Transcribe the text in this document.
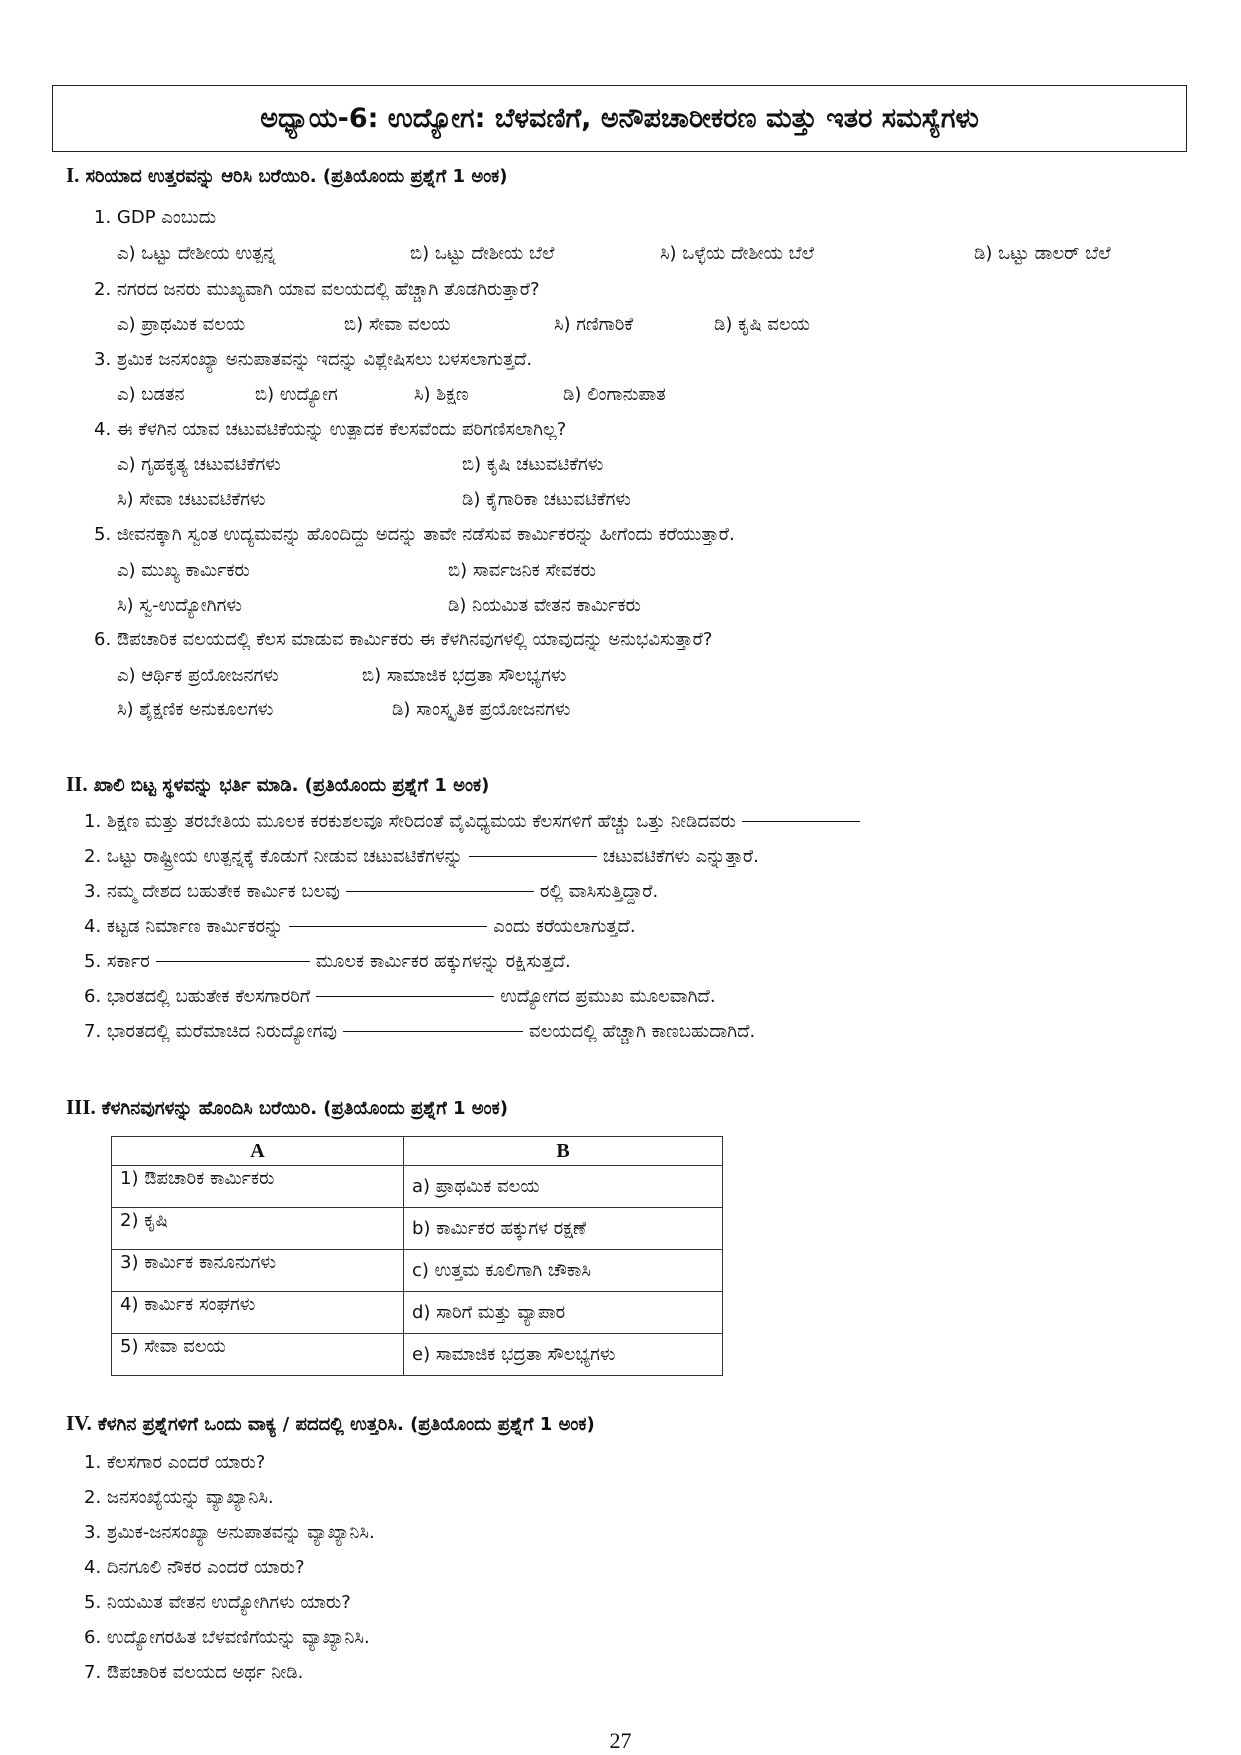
ಅಧ್ಯಾಯ-6: ಉದ್ಯೋಗ: ಬೆಳವಣಿಗೆ, ಅನೌಪಚಾರೀಕರಣ ಮತ್ತು ಇತರ ಸಮಸ್ಯೆಗಳು
I. ಸರಿಯಾದ ಉತ್ತರವನ್ನು ಆರಿಸಿ ಬರೆಯಿರಿ. (ಪ್ರತಿಯೊಂದು ಪ್ರಶ್ನೆಗೆ 1 ಅಂಕ)
1. GDP ಎಂಬುದು
ಎ) ಒಟ್ಟು ದೇಶೀಯ ಉತ್ಪನ್ನ	ಬಿ) ಒಟ್ಟು ದೇಶೀಯ ಬೆಲೆ	ಸಿ) ಒಳ್ಳೆಯ ದೇಶೀಯ ಬೆಲೆ	ಡಿ) ಒಟ್ಟು ಡಾಲರ್ ಬೆಲೆ
2. ನಗರದ ಜನರು ಮುಖ್ಯವಾಗಿ ಯಾವ ವಲಯದಲ್ಲಿ ಹೆಚ್ಚಾಗಿ ತೊಡಗಿರುತ್ತಾರೆ?
ಎ) ಪ್ರಾಥಮಿಕ ವಲಯ	ಬಿ) ಸೇವಾ ವಲಯ	ಸಿ) ಗಣಿಗಾರಿಕೆ	ಡಿ) ಕೃಷಿ ವಲಯ
3. ಶ್ರಮಿಕ ಜನಸಂಖ್ಯಾ ಅನುಪಾತವನ್ನು ಇದನ್ನು ವಿಶ್ಲೇಷಿಸಲು ಬಳಸಲಾಗುತ್ತದೆ.
ಎ) ಬಡತನ	ಬಿ) ಉದ್ಯೋಗ	ಸಿ) ಶಿಕ್ಷಣ	ಡಿ) ಲಿಂಗಾನುಪಾತ
4. ಈ ಕೆಳಗಿನ ಯಾವ ಚಟುವಟಿಕೆಯನ್ನು ಉತ್ಪಾದಕ ಕೆಲಸವೆಂದು ಪರಿಗಣಿಸಲಾಗಿಲ್ಲ?
ಎ) ಗೃಹಕೃತ್ಯ ಚಟುವಟಿಕೆಗಳು	ಬಿ) ಕೃಷಿ ಚಟುವಟಿಕೆಗಳು
ಸಿ) ಸೇವಾ ಚಟುವಟಿಕೆಗಳು	ಡಿ) ಕೈಗಾರಿಕಾ ಚಟುವಟಿಕೆಗಳು
5. ಜೀವನಕ್ಕಾಗಿ ಸ್ವಂತ ಉದ್ಯಮವನ್ನು ಹೊಂದಿದ್ದು ಅದನ್ನು ತಾವೇ ನಡೆಸುವ ಕಾರ್ಮಿಕರನ್ನು ಹೀಗೆಂದು ಕರೆಯುತ್ತಾರೆ.
ಎ) ಮುಖ್ಯ ಕಾರ್ಮಿಕರು	ಬಿ) ಸಾರ್ವಜನಿಕ ಸೇವಕರು
ಸಿ) ಸ್ವ-ಉದ್ಯೋಗಿಗಳು	ಡಿ) ನಿಯಮಿತ ವೇತನ ಕಾರ್ಮಿಕರು
6. ಔಪಚಾರಿಕ ವಲಯದಲ್ಲಿ ಕೆಲಸ ಮಾಡುವ ಕಾರ್ಮಿಕರು ಈ ಕೆಳಗಿನವುಗಳಲ್ಲಿ ಯಾವುದನ್ನು ಅನುಭವಿಸುತ್ತಾರೆ?
ಎ) ಆರ್ಥಿಕ ಪ್ರಯೋಜನಗಳು	ಬಿ) ಸಾಮಾಜಿಕ ಭದ್ರತಾ ಸೌಲಭ್ಯಗಳು
ಸಿ) ಶೈಕ್ಷಣಿಕ ಅನುಕೂಲಗಳು	ಡಿ) ಸಾಂಸ್ಕೃತಿಕ ಪ್ರಯೋಜನಗಳು
II. ಖಾಲಿ ಬಿಟ್ಟ ಸ್ಥಳವನ್ನು ಭರ್ತಿ ಮಾಡಿ. (ಪ್ರತಿಯೊಂದು ಪ್ರಶ್ನೆಗೆ 1 ಅಂಕ)
1. ಶಿಕ್ಷಣ ಮತ್ತು ತರಬೇತಿಯ ಮೂಲಕ ಕರಕುಶಲವೂ ಸೇರಿದಂತೆ ವೈವಿಧ್ಯಮಯ ಕೆಲಸಗಳಿಗೆ ಹೆಚ್ಚು ಒತ್ತು ನೀಡಿದವರು
2. ಒಟ್ಟು ರಾಷ್ಟ್ರೀಯ ಉತ್ಪನ್ನಕ್ಕೆ ಕೊಡುಗೆ ನೀಡುವ ಚಟುವಟಿಕೆಗಳನ್ನು	ಚಟುವಟಿಕೆಗಳು ಎನ್ನುತ್ತಾರೆ.
3. ನಮ್ಮ ದೇಶದ ಬಹುತೇಕ ಕಾರ್ಮಿಕ ಬಲವು	ರಲ್ಲಿ ವಾಸಿಸುತ್ತಿದ್ದಾರೆ.
4. ಕಟ್ಟಡ ನಿರ್ಮಾಣ ಕಾರ್ಮಿಕರನ್ನು	ಎಂದು ಕರೆಯಲಾಗುತ್ತದೆ.
5. ಸರ್ಕಾರ	ಮೂಲಕ ಕಾರ್ಮಿಕರ ಹಕ್ಕುಗಳನ್ನು ರಕ್ಷಿಸುತ್ತದೆ.
6. ಭಾರತದಲ್ಲಿ ಬಹುತೇಕ ಕೆಲಸಗಾರರಿಗೆ	ಉದ್ಯೋಗದ ಪ್ರಮುಖ ಮೂಲವಾಗಿದೆ.
7. ಭಾರತದಲ್ಲಿ ಮರೆಮಾಚಿದ ನಿರುದ್ಯೋಗವು	ವಲಯದಲ್ಲಿ ಹೆಚ್ಚಾಗಿ ಕಾಣಬಹುದಾಗಿದೆ.
III. ಕೆಳಗಿನವುಗಳನ್ನು ಹೊಂದಿಸಿ ಬರೆಯಿರಿ. (ಪ್ರತಿಯೊಂದು ಪ್ರಶ್ನೆಗೆ 1 ಅಂಕ)
A	B
1) ಔಪಚಾರಿಕ ಕಾರ್ಮಿಕರು	a) ಪ್ರಾಥಮಿಕ ವಲಯ
2) ಕೃಷಿ	b) ಕಾರ್ಮಿಕರ ಹಕ್ಕುಗಳ ರಕ್ಷಣೆ
3) ಕಾರ್ಮಿಕ ಕಾನೂನುಗಳು	c) ಉತ್ತಮ ಕೂಲಿಗಾಗಿ ಚೌಕಾಸಿ
4) ಕಾರ್ಮಿಕ ಸಂಘಗಳು	d) ಸಾರಿಗೆ ಮತ್ತು ವ್ಯಾಪಾರ
5) ಸೇವಾ ವಲಯ	e) ಸಾಮಾಜಿಕ ಭದ್ರತಾ ಸೌಲಭ್ಯಗಳು
IV. ಕೆಳಗಿನ ಪ್ರಶ್ನೆಗಳಿಗೆ ಒಂದು ವಾಕ್ಯ / ಪದದಲ್ಲಿ ಉತ್ತರಿಸಿ. (ಪ್ರತಿಯೊಂದು ಪ್ರಶ್ನೆಗೆ 1 ಅಂಕ)
1. ಕೆಲಸಗಾರ ಎಂದರೆ ಯಾರು?
2. ಜನಸಂಖ್ಯೆಯನ್ನು ವ್ಯಾಖ್ಯಾನಿಸಿ.
3. ಶ್ರಮಿಕ-ಜನಸಂಖ್ಯಾ ಅನುಪಾತವನ್ನು ವ್ಯಾಖ್ಯಾನಿಸಿ.
4. ದಿನಗೂಲಿ ನೌಕರ ಎಂದರೆ ಯಾರು?
5. ನಿಯಮಿತ ವೇತನ ಉದ್ಯೋಗಿಗಳು ಯಾರು?
6. ಉದ್ಯೋಗರಹಿತ ಬೆಳವಣಿಗೆಯನ್ನು ವ್ಯಾಖ್ಯಾನಿಸಿ.
7. ಔಪಚಾರಿಕ ವಲಯದ ಅರ್ಥ ನೀಡಿ.
27
